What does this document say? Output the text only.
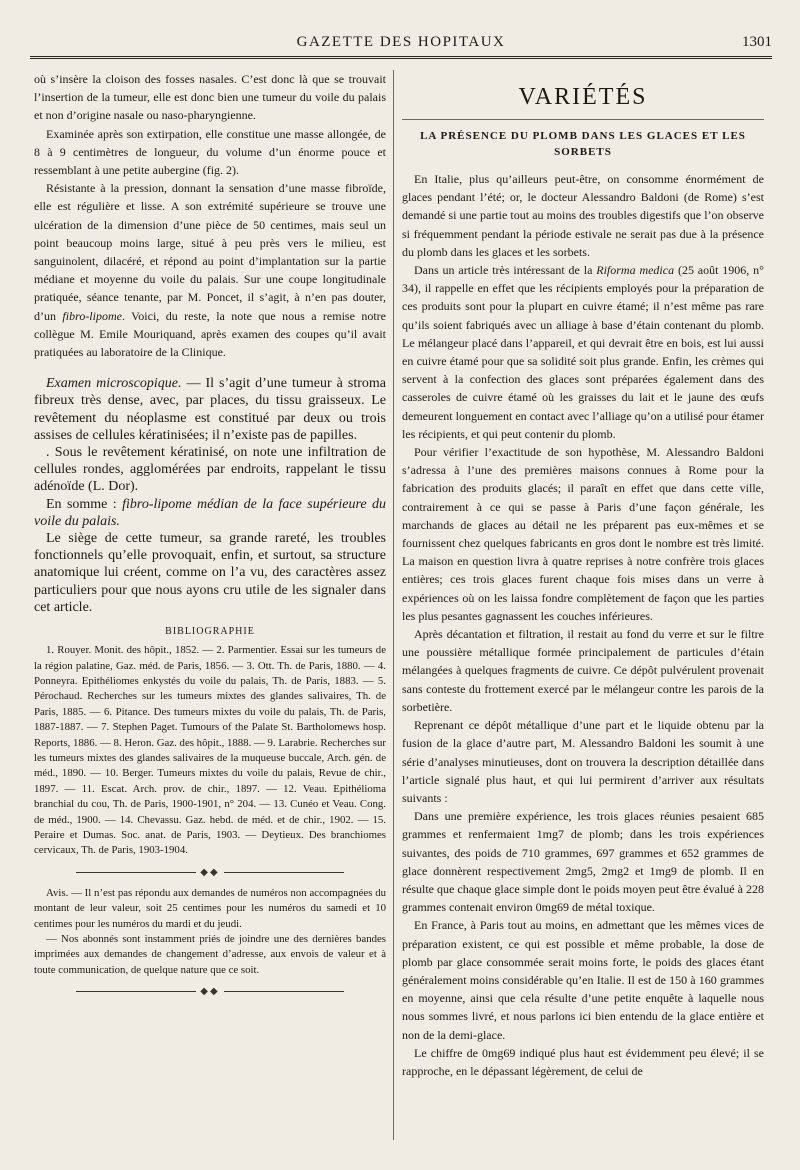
GAZETTE DES HOPITAUX	1301

où s’insère la cloison des fosses nasales. C’est donc là que se trouvait l’insertion de la tumeur, elle est donc bien une tumeur du voile du palais et non d’origine nasale ou naso-pharyngienne.

Examinée après son extirpation, elle constitue une masse allongée, de 8 à 9 centimètres de longueur, du volume d’un énorme pouce et ressemblant à une petite aubergine (fig. 2).

Résistante à la pression, donnant la sensation d’une masse fibroïde, elle est régulière et lisse. A son extrémité supérieure se trouve une ulcération de la dimension d’une pièce de 50 centimes, mais seul un point beaucoup moins large, situé à peu près vers le milieu, est sanguinolent, dilacéré, et répond au point d’implantation sur la partie médiane et moyenne du voile du palais. Sur une coupe longitudinale pratiquée, séance tenante, par M. Poncet, il s’agit, à n’en pas douter, d’un fibro-lipome. Voici, du reste, la note que nous a remise notre collègue M. Emile Mouriquand, après examen des coupes qu’il avait pratiquées au laboratoire de la Clinique.

Examen microscopique. — Il s’agit d’une tumeur à stroma fibreux très dense, avec, par places, du tissu graisseux. Le revêtement du néoplasme est constitué par deux ou trois assises de cellules kératinisées; il n’existe pas de papilles.

. Sous le revêtement kératinisé, on note une infiltration de cellules rondes, agglomérées par endroits, rappelant le tissu adénoïde (L. Dor).

En somme : fibro-lipome médian de la face supérieure du voile du palais.

Le siège de cette tumeur, sa grande rareté, les troubles fonctionnels qu’elle provoquait, enfin, et surtout, sa structure anatomique lui créent, comme on l’a vu, des caractères assez particuliers pour que nous ayons cru utile de les signaler dans cet article.

BIBLIOGRAPHIE

1. Rouyer. Monit. des hôpit., 1852. — 2. Parmentier. Essai sur les tumeurs de la région palatine, Gaz. méd. de Paris, 1856. — 3. Ott. Th. de Paris, 1880. — 4. Ponneyra. Epithéliomes enkystés du voile du palais, Th. de Paris, 1883. — 5. Pérochaud. Recherches sur les tumeurs mixtes des glandes salivaires, Th. de Paris, 1885. — 6. Pitance. Des tumeurs mixtes du voile du palais, Th. de Paris, 1887-1887. — 7. Stephen Paget. Tumours of the Palate St. Bartholomews hosp. Reports, 1886. — 8. Heron. Gaz. des hôpit., 1888. — 9. Larabrie. Recherches sur les tumeurs mixtes des glandes salivaires de la muqueuse buccale, Arch. gén. de méd., 1890. — 10. Berger. Tumeurs mixtes du voile du palais, Revue de chir., 1897. — 11. Escat. Arch. prov. de chir., 1897. — 12. Veau. Epithélioma branchial du cou, Th. de Paris, 1900-1901, n° 204. — 13. Cunéo et Veau. Cong. de méd., 1900. — 14. Chevassu. Gaz. hebd. de méd. et de chir., 1902. — 15. Peraire et Dumas. Soc. anat. de Paris, 1903. — Deytieux. Des branchiomes cervicaux, Th. de Paris, 1903-1904.

◆◆

Avis. — Il n’est pas répondu aux demandes de numéros non accompagnées du montant de leur valeur, soit 25 centimes pour les numéros du samedi et 10 centimes pour les numéros du mardi et du jeudi.

— Nos abonnés sont instamment priés de joindre une des dernières bandes imprimées aux demandes de changement d’adresse, aux envois de valeur et à toute communication, de quelque nature que ce soit.

◆◆
VARIÉTÉS
LA PRÉSENCE DU PLOMB DANS LES GLACES ET LES SORBETS

En Italie, plus qu’ailleurs peut-être, on consomme énormément de glaces pendant l’été; or, le docteur Alessandro Baldoni (de Rome) s’est demandé si une partie tout au moins des troubles digestifs que l’on observe si fréquemment pendant la période estivale ne serait pas due à la présence du plomb dans les glaces et les sorbets.

Dans un article très intéressant de la Riforma medica (25 août 1906, n° 34), il rappelle en effet que les récipients employés pour la préparation de ces produits sont pour la plupart en cuivre étamé; il n’est même pas rare qu’ils soient fabriqués avec un alliage à base d’étain contenant du plomb. Le mélangeur placé dans l’appareil, et qui devrait être en bois, est lui aussi en cuivre étamé pour que sa solidité soit plus grande. Enfin, les crèmes qui servent à la confection des glaces sont préparées également dans des casseroles de cuivre étamé où les graisses du lait et le jaune des œufs demeurent longuement en contact avec l’alliage qu’on a utilisé pour étamer les récipients, et qui peut contenir du plomb.

Pour vérifier l’exactitude de son hypothèse, M. Alessandro Baldoni s’adressa à l’une des premières maisons connues à Rome pour la fabrication des produits glacés; il paraît en effet que dans cette ville, contrairement à ce qui se passe à Paris d’une façon générale, les marchands de glaces au détail ne les préparent pas eux-mêmes et se fournissent chez quelques fabricants en gros dont le nombre est très limité. La maison en question livra à quatre reprises à notre confrère trois glaces entières; ces trois glaces furent chaque fois mises dans un verre à expériences où on les laissa fondre complètement de façon que les parties les plus pesantes gagnassent les couches inférieures.

Après décantation et filtration, il restait au fond du verre et sur le filtre une poussière métallique formée principalement de particules d’étain mélangées à quelques fragments de cuivre. Ce dépôt pulvérulent provenait sans conteste du frottement exercé par le mélangeur contre les parois de la sorbetière.

Reprenant ce dépôt métallique d’une part et le liquide obtenu par la fusion de la glace d’autre part, M. Alessandro Baldoni les soumit à une série d’analyses minutieuses, dont on trouvera la description détaillée dans l’article signalé plus haut, et qui lui permirent d’arriver aux résultats suivants :

Dans une première expérience, les trois glaces réunies pesaient 685 grammes et renfermaient 1mg7 de plomb; dans les trois expériences suivantes, des poids de 710 grammes, 697 grammes et 652 grammes de glace donnèrent respectivement 2mg5, 2mg2 et 1mg9 de plomb. Il en résulte que chaque glace simple dont le poids moyen peut être évalué à 228 grammes contenait environ 0mg69 de métal toxique.

En France, à Paris tout au moins, en admettant que les mêmes vices de préparation existent, ce qui est possible et même probable, la dose de plomb par glace consommée serait moins forte, le poids des glaces étant généralement moins considérable qu’en Italie. Il est de 150 à 160 grammes en moyenne, ainsi que cela résulte d’une petite enquête à laquelle nous nous sommes livré, et nous parlons ici bien entendu de la glace entière et non de la demi-glace.

Le chiffre de 0mg69 indiqué plus haut est évidemment peu élevé; il se rapproche, en le dépassant légèrement, de celui de
